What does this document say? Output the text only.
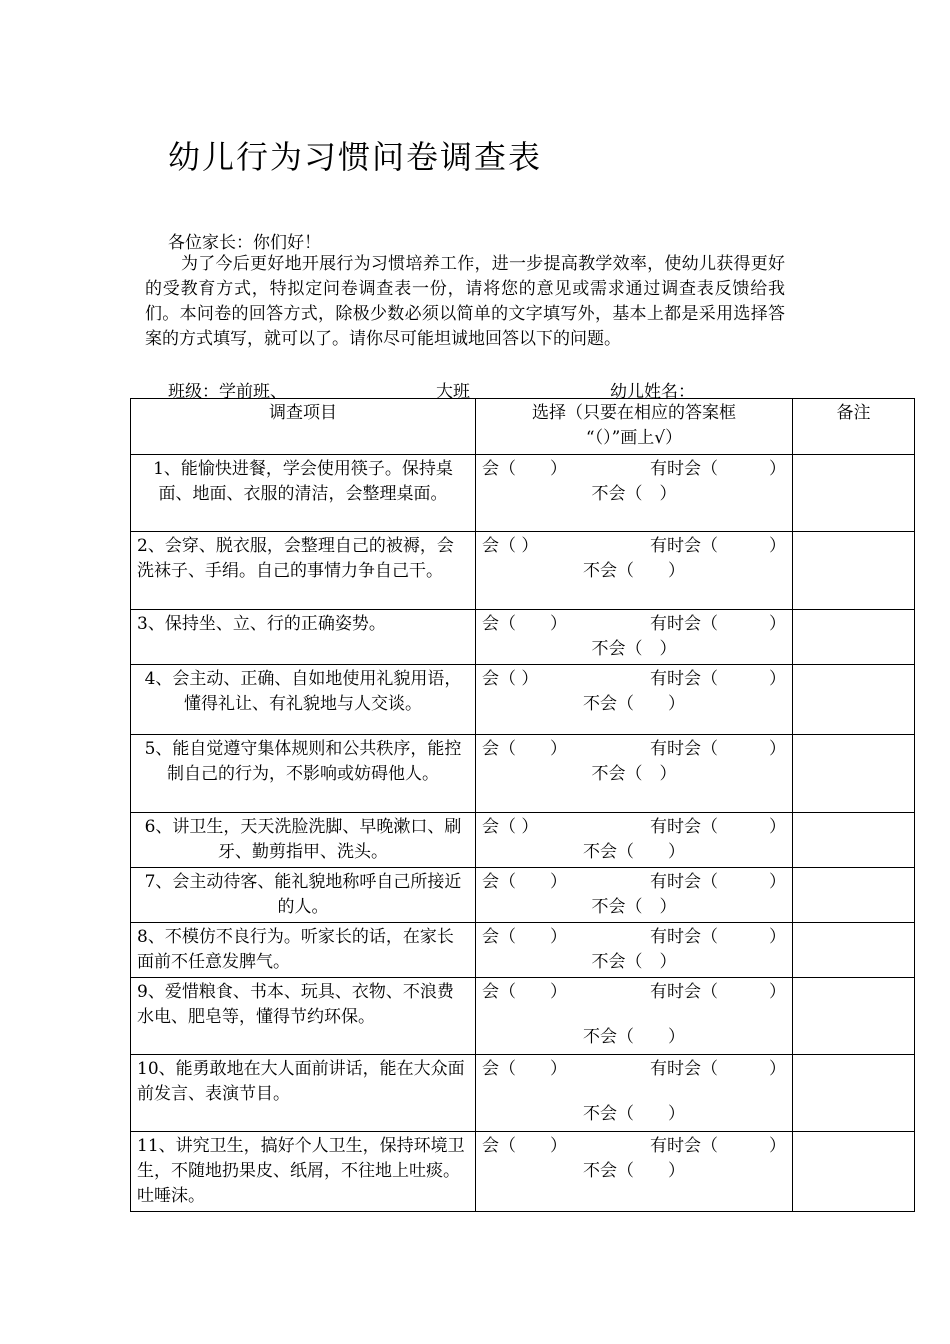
幼儿行为习惯问卷调查表
各位家长：你们好！
为了今后更好地开展行为习惯培养工作，进一步提高教学效率，使幼儿获得更好的受教育方式，特拟定问卷调查表一份，请将您的意见或需求通过调查表反馈给我们。本问卷的回答方式，除极少数必须以简单的文字填写外，基本上都是采用选择答案的方式填写，就可以了。请你尽可能坦诚地回答以下的问题。
班级：学前班、	大班	幼儿姓名：
调查项目	选择（只要在相应的答案框
“（）”画上√）	备注
1、能愉快进餐，学会使用筷子。保持桌面、地面、衣服的清洁，会整理桌面。	会（　　） 有时会（　　　）
不会（　）	

2、会穿、脱衣服，会整理自己的被褥，会洗袜子、手绢。自己的事情力争自己干。	会（ ） 有时会（　　　）
不会（　　）	

3、保持坐、立、行的正确姿势。	会（　　） 有时会（　　　）
不会（　）	

4、会主动、正确、自如地使用礼貌用语，懂得礼让、有礼貌地与人交谈。	会（ ） 有时会（　　　）
不会（　　）	

5、能自觉遵守集体规则和公共秩序，能控制自己的行为，不影响或妨碍他人。	会（　　） 有时会（　　　）
不会（　）	

6、讲卫生，天天洗脸洗脚、早晚漱口、刷牙、勤剪指甲、洗头。	会（ ） 有时会（　　　）
不会（　　）	

7、会主动待客、能礼貌地称呼自己所接近的人。	会（　　） 有时会（　　　）
不会（　）	

8、不模仿不良行为。听家长的话，在家长面前不任意发脾气。	会（　　） 有时会（　　　）
不会（　）	

9、爱惜粮食、书本、玩具、衣物、不浪费水电、肥皂等，懂得节约环保。	会（　　） 有时会（　　　）
不会（　　）	

10、能勇敢地在大人面前讲话，能在大众面前发言、表演节目。	会（　　） 有时会（　　　）
不会（　　）	

11、讲究卫生，搞好个人卫生，保持环境卫生，不随地扔果皮、纸屑，不往地上吐痰。吐唾沫。	会（　　） 有时会（　　　）
不会（　　）	
